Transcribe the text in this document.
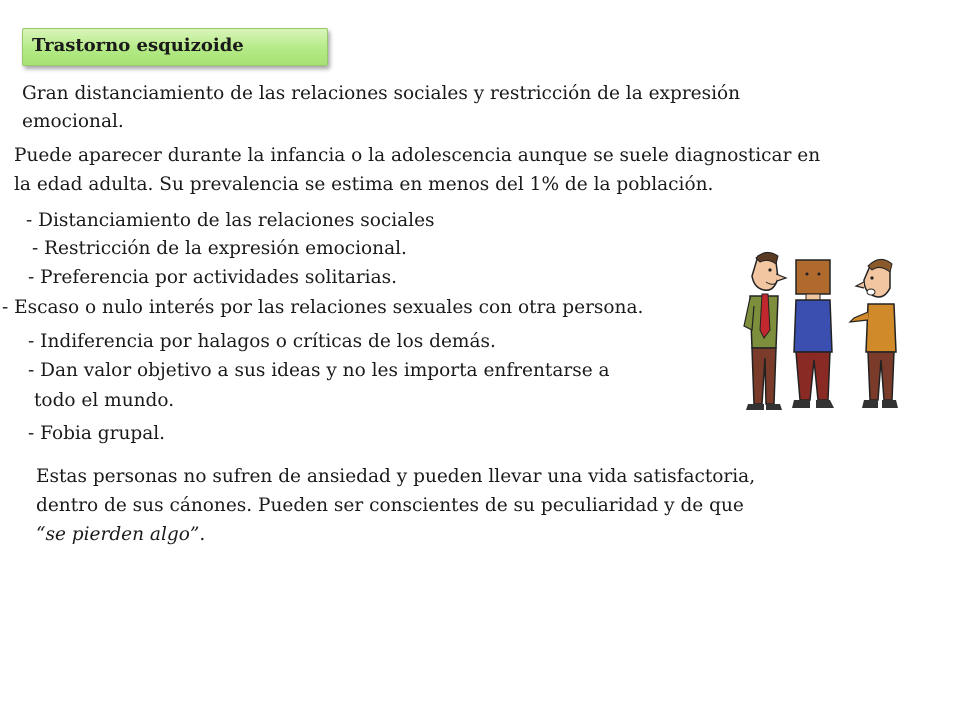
Trastorno esquizoide
Gran distanciamiento de las relaciones sociales y restricción de la expresión
emocional.
Puede aparecer durante la infancia o la adolescencia aunque se suele diagnosticar en
la edad adulta. Su prevalencia se estima en menos del 1% de la población.
- Distanciamiento de las relaciones sociales
- Restricción de la expresión emocional.
- Preferencia por actividades solitarias.
- Escaso o nulo interés por las relaciones sexuales con otra persona.
- Indiferencia por halagos o críticas de los demás.
- Dan valor objetivo a sus ideas y no les importa enfrentarse a
todo el mundo.
- Fobia grupal.
Estas personas no sufren de ansiedad y pueden llevar una vida satisfactoria,
dentro de sus cánones. Pueden ser conscientes de su peculiaridad y de que
“se pierden algo”.
